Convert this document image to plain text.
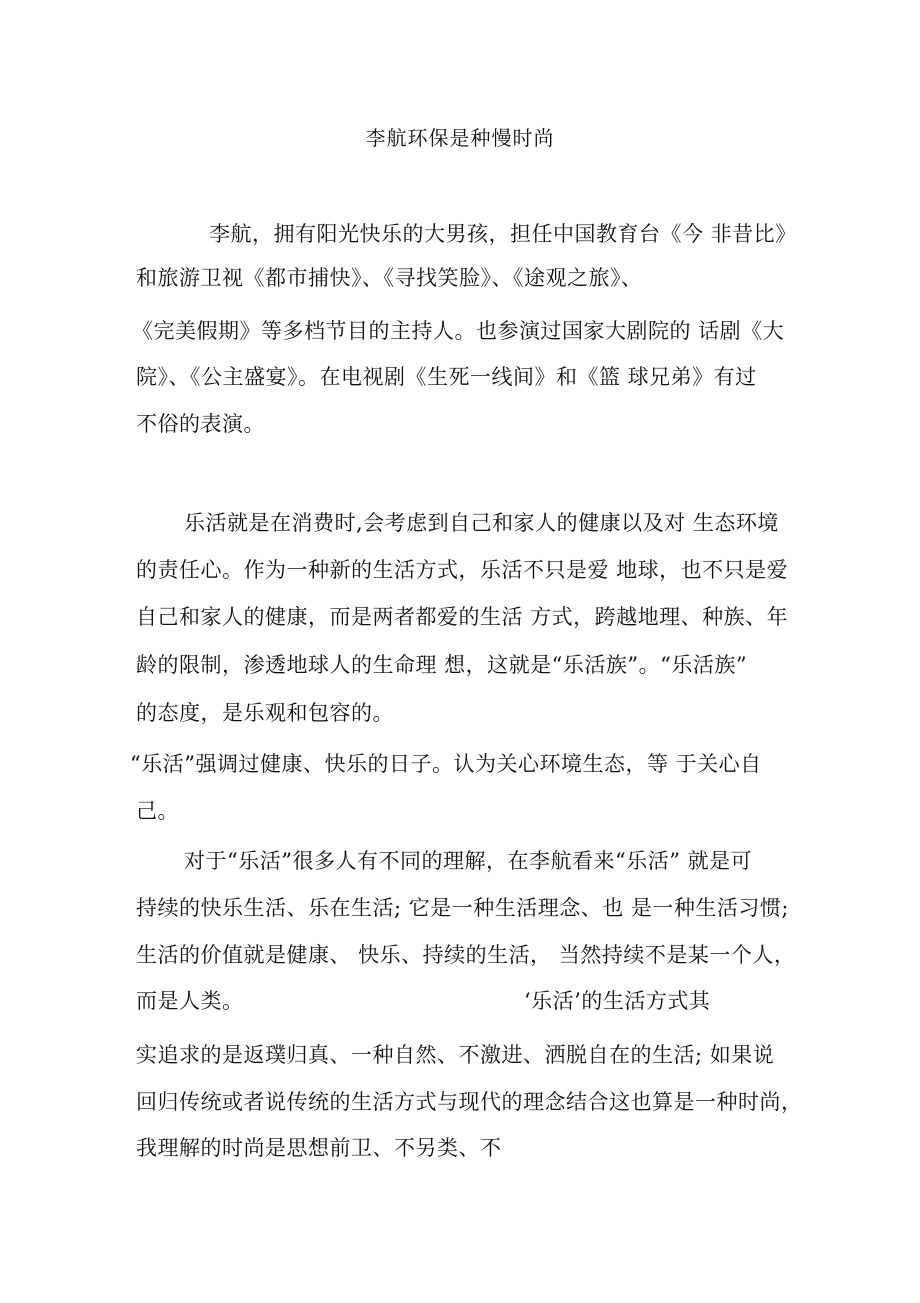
李航环保是种慢时尚
李航，拥有阳光快乐的大男孩，担任中国教育台《今 非昔比》
和旅游卫视《都市捕快》、《寻找笑脸》、《途观之旅》、
《完美假期》等多档节目的主持人。也参演过国家大剧院的 话剧《大
院》、《公主盛宴》。在电视剧《生死一线间》和《篮 球兄弟》有过
不俗的表演。
乐活就是在消费时,会考虑到自己和家人的健康以及对 生态环境
的责任心。作为一种新的生活方式，乐活不只是爱 地球，也不只是爱
自己和家人的健康，而是两者都爱的生活 方式，跨越地理、种族、年
龄的限制，渗透地球人的生命理 想，这就是“乐活族”。“乐活族”
的态度，是乐观和包容的。
“乐活”强调过健康、快乐的日子。认为关心环境生态，等 于关心自
己。
对于“乐活”很多人有不同的理解，在李航看来“乐活” 就是可
持续的快乐生活、乐在生活; 它是一种生活理念、也 是一种生活习惯;
生活的价值就是健康、 快乐、持续的生活， 当然持续不是某一个人，
而是人类。	‘乐活’的生活方式其
实追求的是返璞归真、一种自然、不激进、洒脱自在的生活; 如果说
回归传统或者说传统的生活方式与现代的理念结合这也算是一种时尚，
我理解的时尚是思想前卫、不另类、不
